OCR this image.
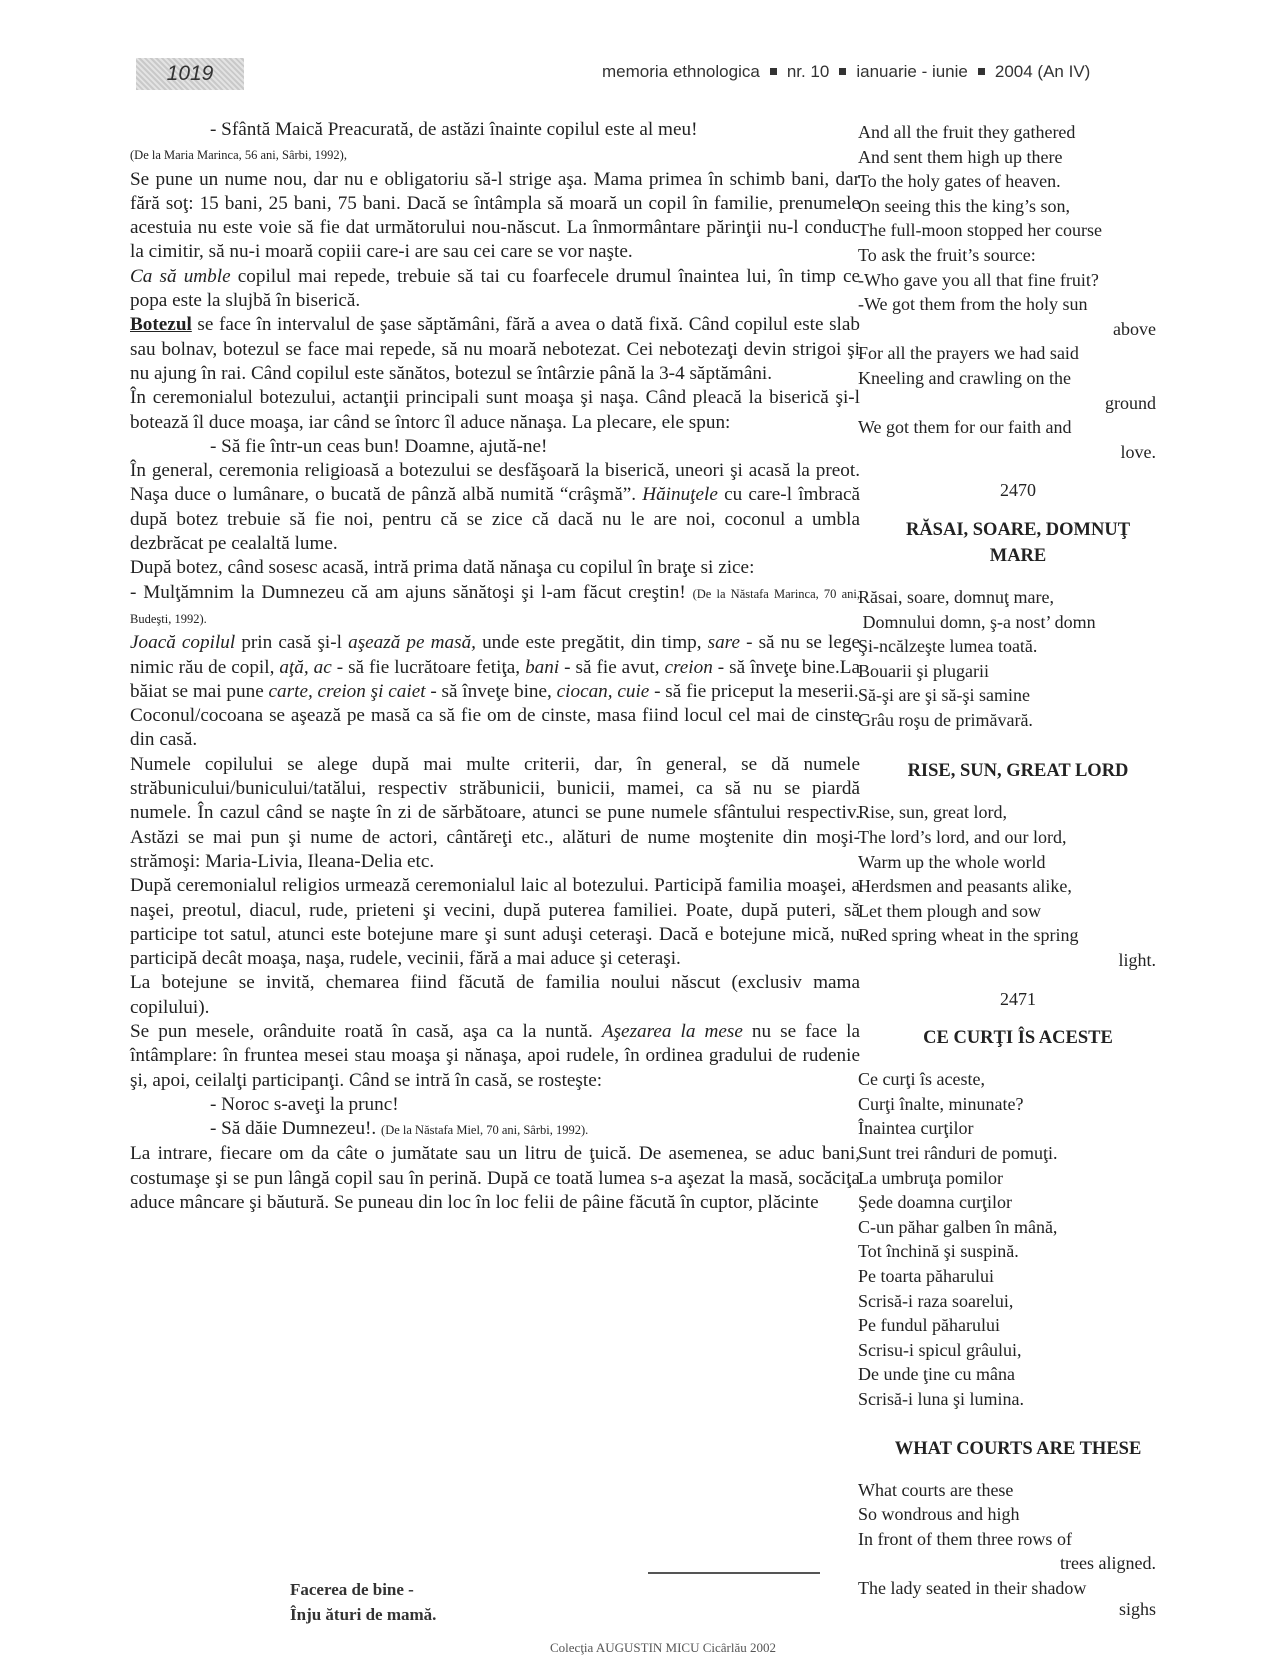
1019	memoria ethnologica nr. 10 ianuarie - iunie 2004 (An IV)

- Sfântă Maică Preacurată, de astăzi înainte copilul este al meu!

(De la Maria Marinca, 56 ani, Sârbi, 1992),

Se pune un nume nou, dar nu e obligatoriu să-l strige aşa. Mama primea în schimb bani, dar fără soţ: 15 bani, 25 bani, 75 bani. Dacă se întâmpla să moară un copil în familie, prenumele acestuia nu este voie să fie dat următorului nou-născut. La înmormântare părinţii nu-l conduc la cimitir, să nu-i moară copiii care-i are sau cei care se vor naşte.

Ca să umble copilul mai repede, trebuie să tai cu foarfecele drumul înaintea lui, în timp ce popa este la slujbă în biserică.

Botezul se face în intervalul de şase săptămâni, fără a avea o dată fixă. Când copilul este slab sau bolnav, botezul se face mai repede, să nu moară nebotezat. Cei nebotezaţi devin strigoi şi nu ajung în rai. Când copilul este sănătos, botezul se întârzie până la 3-4 săptămâni.

În ceremonialul botezului, actanţii principali sunt moaşa şi naşa. Când pleacă la biserică şi-l botează îl duce moaşa, iar când se întorc îl aduce nănaşa. La plecare, ele spun:

- Să fie într-un ceas bun! Doamne, ajută-ne!

În general, ceremonia religioasă a botezului se desfăşoară la biserică, uneori şi acasă la preot. Naşa duce o lumânare, o bucată de pânză albă numită “crâşmă”. Hăinuţele cu care-l îmbracă după botez trebuie să fie noi, pentru că se zice că dacă nu le are noi, coconul a umbla dezbrăcat pe cealaltă lume.

După botez, când sosesc acasă, intră prima dată nănaşa cu copilul în braţe si zice:

- Mulţămnim la Dumnezeu că am ajuns sănătoşi şi l-am făcut creştin! (De la Năstafa Marinca, 70 ani, Budeşti, 1992).

Joacă copilul prin casă şi-l aşează pe masă, unde este pregătit, din timp, sare - să nu se lege nimic rău de copil, aţă, ac - să fie lucrătoare fetiţa, bani - să fie avut, creion - să înveţe bine.La băiat se mai pune carte, creion şi caiet - să înveţe bine, ciocan, cuie - să fie priceput la meserii.

Coconul/cocoana se aşează pe masă ca să fie om de cinste, masa fiind locul cel mai de cinste din casă.

Numele copilului se alege după mai multe criterii, dar, în general, se dă numele străbunicului/bunicului/tatălui, respectiv străbunicii, bunicii, mamei, ca să nu se piardă numele. În cazul când se naşte în zi de sărbătoare, atunci se pune numele sfântului respectiv. Astăzi se mai pun şi nume de actori, cântăreţi etc., alături de nume moştenite din moşi-strămoşi: Maria-Livia, Ileana-Delia etc.

După ceremonialul religios urmează ceremonialul laic al botezului. Participă familia moaşei, a naşei, preotul, diacul, rude, prieteni şi vecini, după puterea familiei. Poate, după puteri, să participe tot satul, atunci este botejune mare şi sunt aduşi ceteraşi. Dacă e botejune mică, nu participă decât moaşa, naşa, rudele, vecinii, fără a mai aduce şi ceteraşi.

La botejune se invită, chemarea fiind făcută de familia noului născut (exclusiv mama copilului).

Se pun mesele, orânduite roată în casă, aşa ca la nuntă. Aşezarea la mese nu se face la întâmplare: în fruntea mesei stau moaşa şi nănaşa, apoi rudele, în ordinea gradului de rudenie şi, apoi, ceilalţi participanţi. Când se intră în casă, se rosteşte:

- Noroc s-aveţi la prunc!

- Să dăie Dumnezeu!. (De la Năstafa Miel, 70 ani, Sârbi, 1992).

La intrare, fiecare om da câte o jumătate sau un litru de ţuică. De asemenea, se aduc bani, costumaşe şi se pun lângă copil sau în perină. După ce toată lumea s-a aşezat la masă, socăciţa aduce mâncare şi băutură. Se puneau din loc în loc felii de pâine făcută în cuptor, plăcinte

And all the fruit they gathered

And sent them high up there

To the holy gates of heaven.

On seeing this the king’s son,

The full-moon stopped her course

To ask the fruit’s source:

-Who gave you all that fine fruit?

-We got them from the holy sun

above

For all the prayers we had said

Kneeling and crawling on the

ground

We got them for our faith and

love.

2470

RĂSAI, SOARE, DOMNUŢ
MARE

Răsai, soare, domnuţ mare,

Domnului domn, ş-a nost’ domn

Şi-ncălzeşte lumea toată.

Bouarii şi plugarii

Să-şi are şi să-şi samine

Grâu roşu de primăvară.

RISE, SUN, GREAT LORD

Rise, sun, great lord,

The lord’s lord, and our lord,

Warm up the whole world

Herdsmen and peasants alike,

Let them plough and sow

Red spring wheat in the spring

light.

2471

CE CURŢI ÎS ACESTE

Ce curţi îs aceste,

Curţi înalte, minunate?

Înaintea curţilor

Sunt trei rânduri de pomuţi.

La umbruţa pomilor

Şede doamna curţilor

C-un păhar galben în mână,

Tot închină şi suspină.

Pe toarta păharului

Scrisă-i raza soarelui,

Pe fundul păharului

Scrisu-i spicul grâului,

De unde ţine cu mâna

Scrisă-i luna şi lumina.

WHAT COURTS ARE THESE

What courts are these

So wondrous and high

In front of them three rows of

trees aligned.

The lady seated in their shadow

sighs

Facerea de bine -
Înju ături de mamă.
Colecţia AUGUSTIN MICU Cicârlău 2002
